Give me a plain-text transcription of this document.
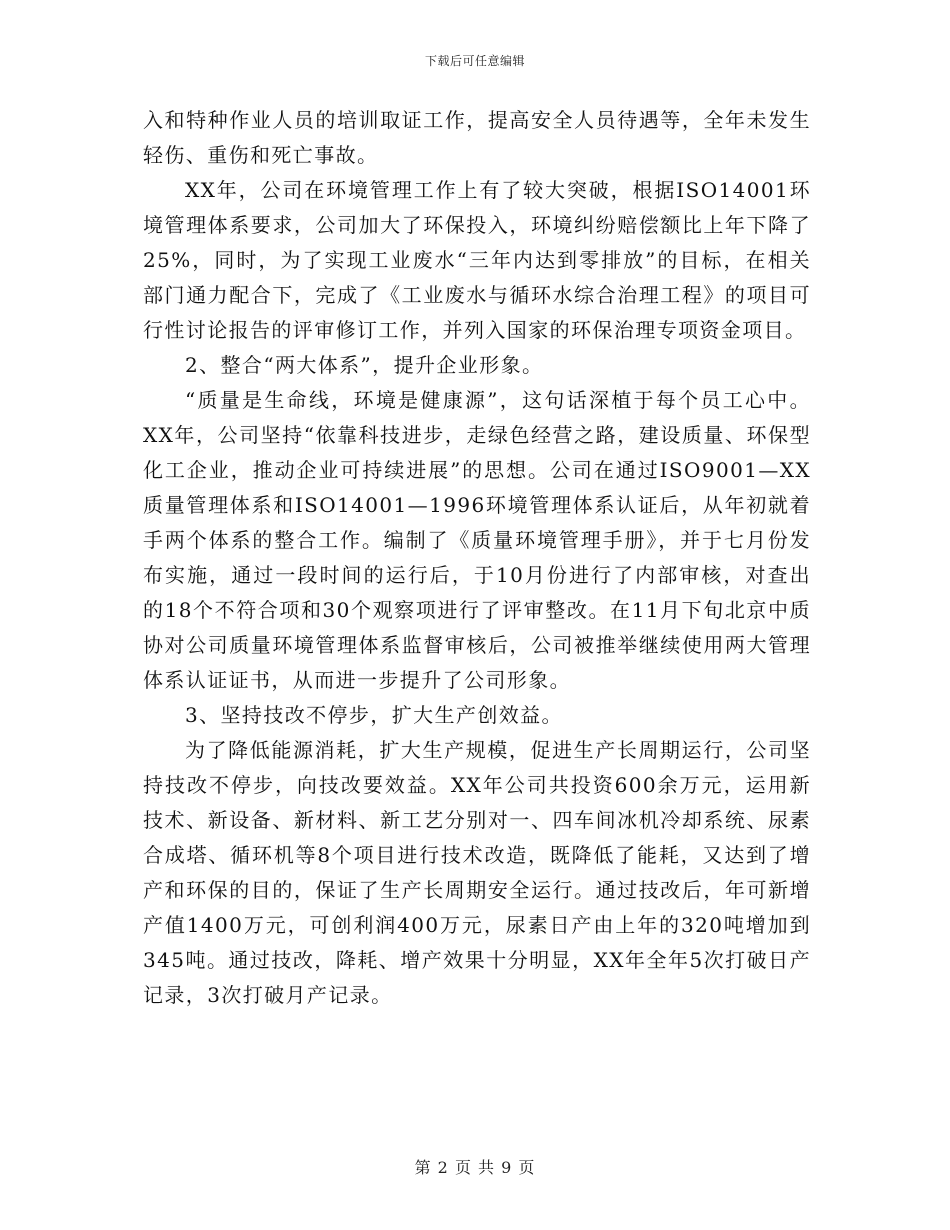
下载后可任意编辑

入和特种作业人员的培训取证工作，提高安全人员待遇等，全年未发生轻伤、重伤和死亡事故。

XX年，公司在环境管理工作上有了较大突破，根据ISO14001环境管理体系要求，公司加大了环保投入，环境纠纷赔偿额比上年下降了25%，同时，为了实现工业废水“三年内达到零排放”的目标，在相关部门通力配合下，完成了《工业废水与循环水综合治理工程》的项目可行性讨论报告的评审修订工作，并列入国家的环保治理专项资金项目。

2、整合“两大体系”，提升企业形象。

“质量是生命线，环境是健康源”，这句话深植于每个员工心中。XX年，公司坚持“依靠科技进步，走绿色经营之路，建设质量、环保型化工企业，推动企业可持续进展”的思想。公司在通过ISO9001—XX质量管理体系和ISO14001—1996环境管理体系认证后，从年初就着手两个体系的整合工作。编制了《质量环境管理手册》，并于七月份发布实施，通过一段时间的运行后，于10月份进行了内部审核，对查出的18个不符合项和30个观察项进行了评审整改。在11月下旬北京中质协对公司质量环境管理体系监督审核后，公司被推举继续使用两大管理体系认证证书，从而进一步提升了公司形象。

3、坚持技改不停步，扩大生产创效益。

为了降低能源消耗，扩大生产规模，促进生产长周期运行，公司坚持技改不停步，向技改要效益。XX年公司共投资600余万元，运用新技术、新设备、新材料、新工艺分别对一、四车间冰机冷却系统、尿素合成塔、循环机等8个项目进行技术改造，既降低了能耗，又达到了增产和环保的目的，保证了生产长周期安全运行。通过技改后，年可新增产值1400万元，可创利润400万元，尿素日产由上年的320吨增加到345吨。通过技改，降耗、增产效果十分明显，XX年全年5次打破日产记录，3次打破月产记录。

第 2 页 共 9 页
